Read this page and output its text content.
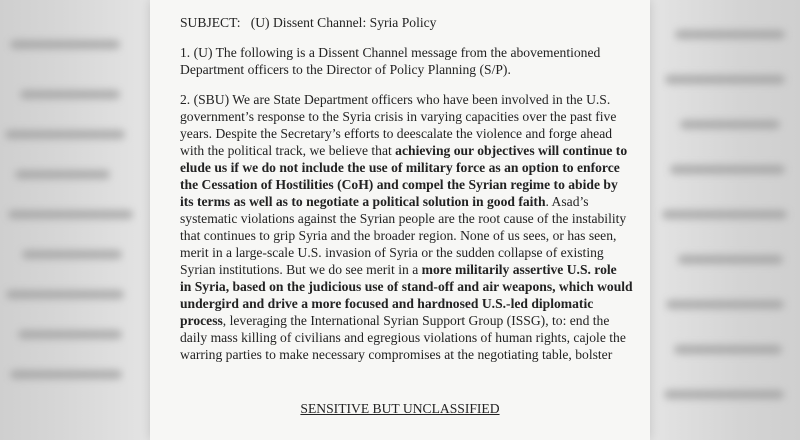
SUBJECT:   (U) Dissent Channel: Syria Policy
1. (U) The following is a Dissent Channel message from the abovementioned
Department officers to the Director of Policy Planning (S/P).
2. (SBU) We are State Department officers who have been involved in the U.S.
government’s response to the Syria crisis in varying capacities over the past five
years. Despite the Secretary’s efforts to deescalate the violence and forge ahead
with the political track, we believe that achieving our objectives will continue to
elude us if we do not include the use of military force as an option to enforce
the Cessation of Hostilities (CoH) and compel the Syrian regime to abide by
its terms as well as to negotiate a political solution in good faith. Asad’s
systematic violations against the Syrian people are the root cause of the instability
that continues to grip Syria and the broader region. None of us sees, or has seen,
merit in a large-scale U.S. invasion of Syria or the sudden collapse of existing
Syrian institutions. But we do see merit in a more militarily assertive U.S. role
in Syria, based on the judicious use of stand-off and air weapons, which would
undergird and drive a more focused and hardnosed U.S.-led diplomatic
process, leveraging the International Syrian Support Group (ISSG), to: end the
daily mass killing of civilians and egregious violations of human rights, cajole the
warring parties to make necessary compromises at the negotiating table, bolster
SENSITIVE BUT UNCLASSIFIED
